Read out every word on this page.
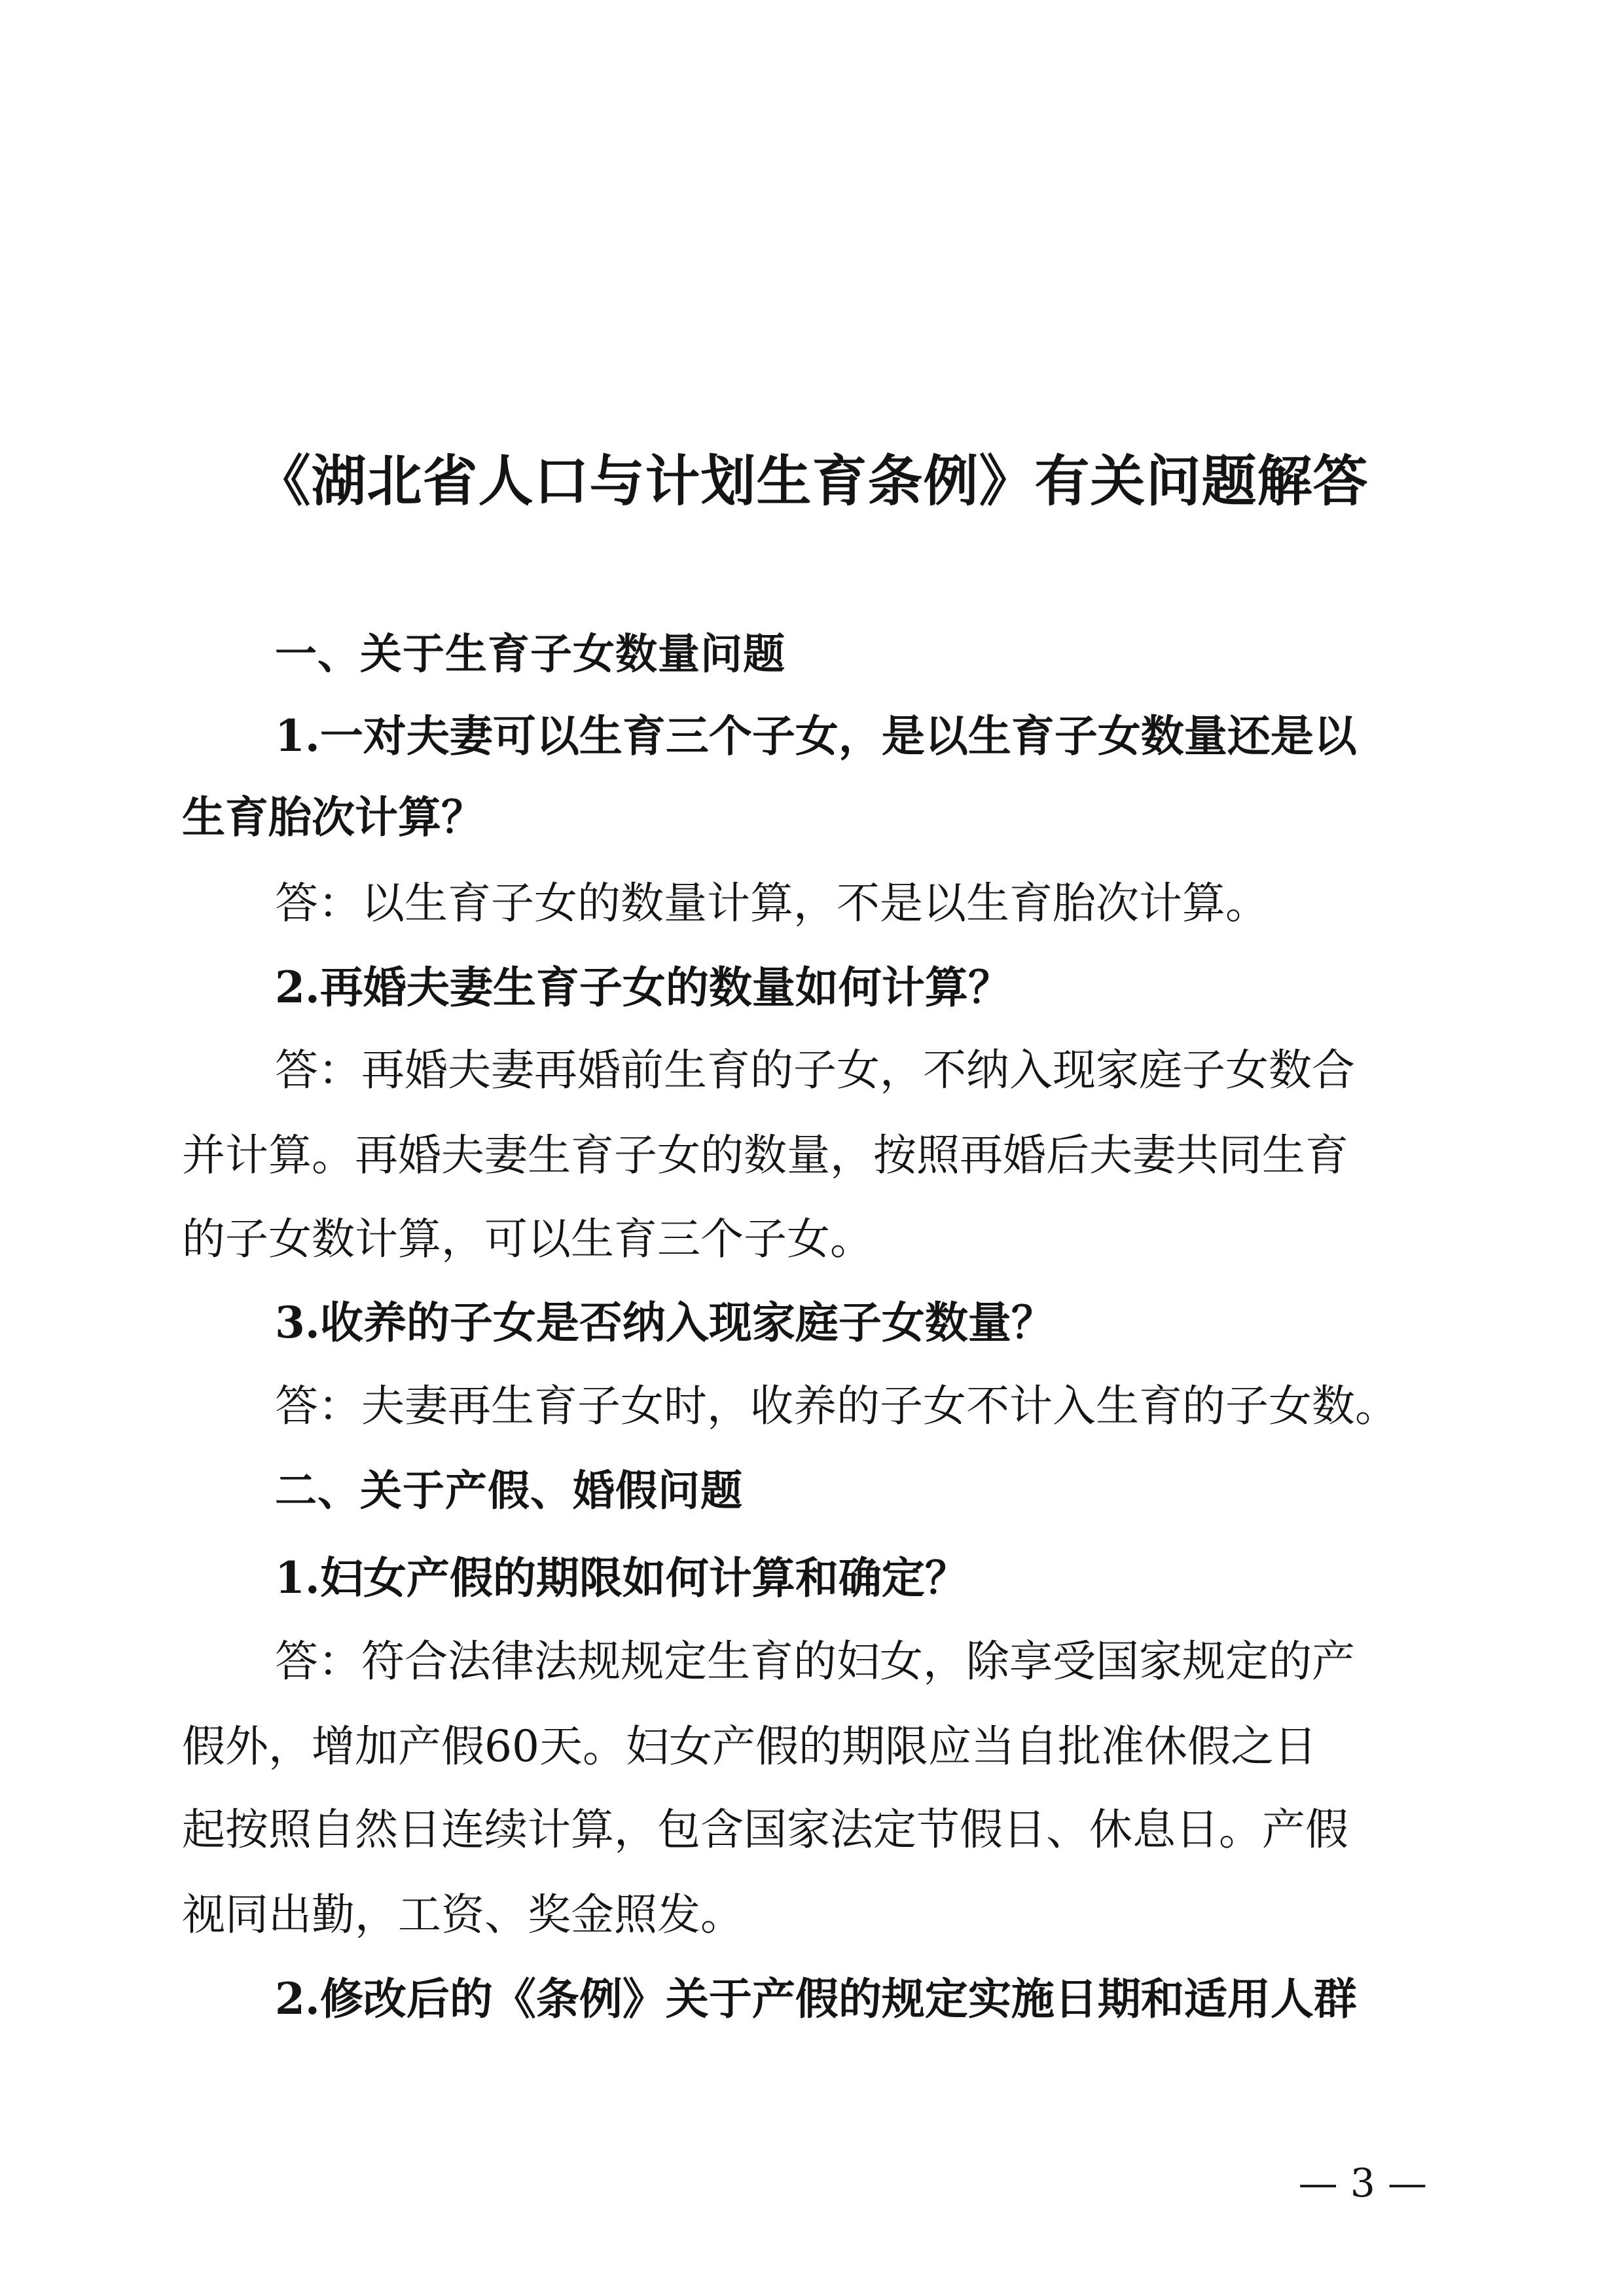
《湖北省人口与计划生育条例》有关问题解答
一、关于生育子女数量问题
1.一对夫妻可以生育三个子女，是以生育子女数量还是以
生育胎次计算？
答：以生育子女的数量计算，不是以生育胎次计算。
2.再婚夫妻生育子女的数量如何计算？
答：再婚夫妻再婚前生育的子女，不纳入现家庭子女数合
并计算。再婚夫妻生育子女的数量，按照再婚后夫妻共同生育
的子女数计算，可以生育三个子女。
3.收养的子女是否纳入现家庭子女数量？
答：夫妻再生育子女时，收养的子女不计入生育的子女数。
二、关于产假、婚假问题
1.妇女产假的期限如何计算和确定？
答：符合法律法规规定生育的妇女，除享受国家规定的产
假外，增加产假60天。妇女产假的期限应当自批准休假之日
起按照自然日连续计算，包含国家法定节假日、休息日。产假
视同出勤，工资、奖金照发。
2.修改后的《条例》关于产假的规定实施日期和适用人群
— 3 —
